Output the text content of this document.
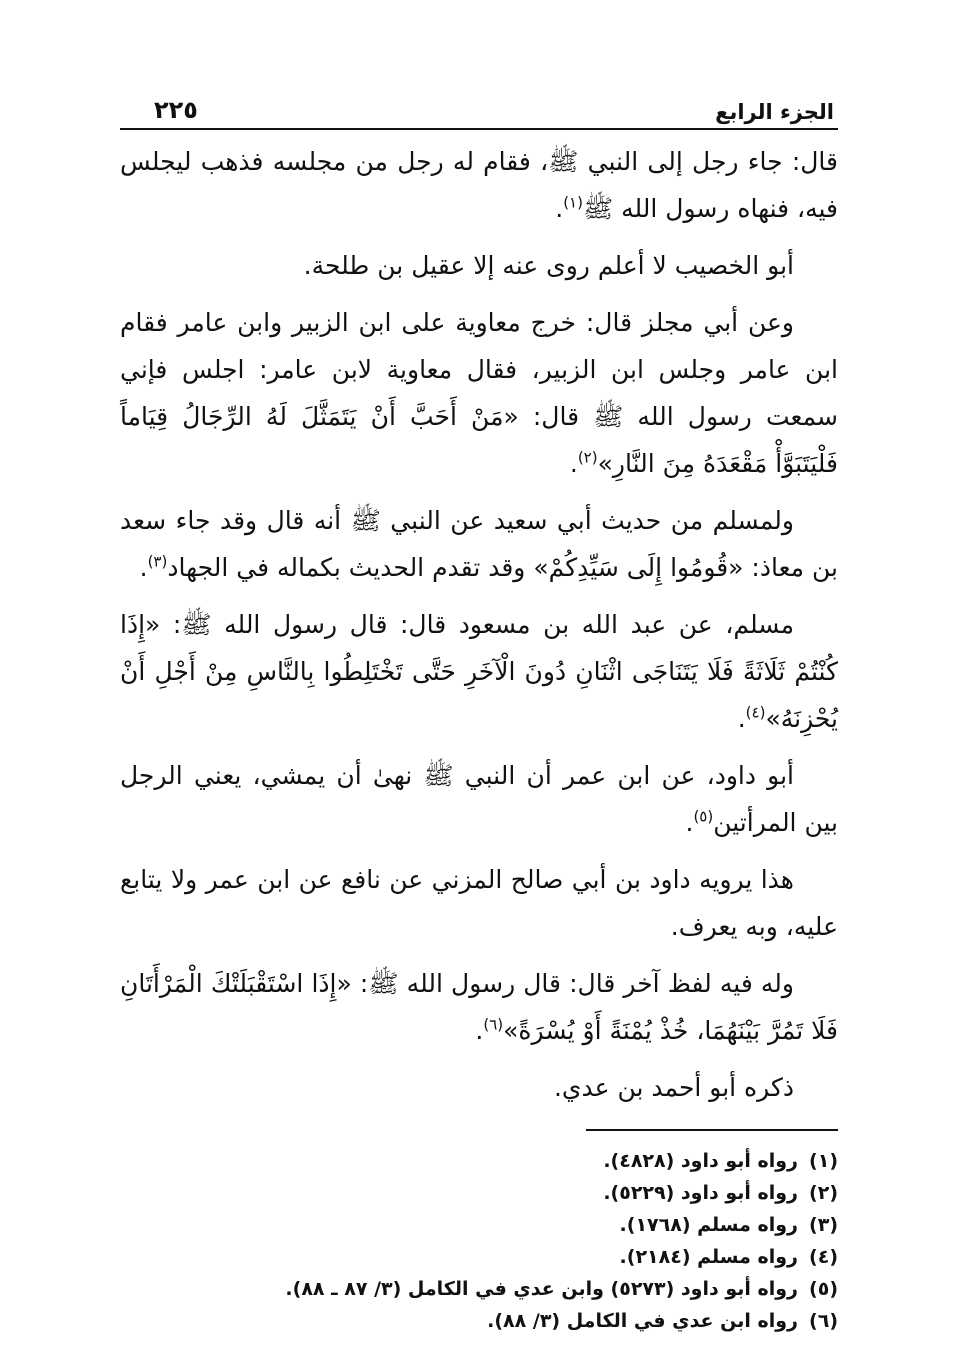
الجزء الرابع
٢٢٥

قال: جاء رجل إلى النبي ﷺ، فقام له رجل من مجلسه فذهب ليجلس فيه، فنهاه رسول الله ﷺ$^{(١)}$.

أبو الخصيب لا أعلم روى عنه إلا عقيل بن طلحة.

وعن أبي مجلز قال: خرج معاوية على ابن الزبير وابن عامر فقام ابن عامر وجلس ابن الزبير، فقال معاوية لابن عامر: اجلس فإني سمعت رسول الله ﷺ قال: «مَنْ أَحَبَّ أَنْ يَتَمَثَّلَ لَهُ الرِّجَالُ قِيَاماً فَلْيَتَبَوَّأْ مَقْعَدَهُ مِنَ النَّارِ»$^{(٢)}$.

ولمسلم من حديث أبي سعيد عن النبي ﷺ أنه قال وقد جاء سعد بن معاذ: «قُومُوا إِلَى سَيِّدِكُمْ» وقد تقدم الحديث بكماله في الجهاد$^{(٣)}$.

مسلم، عن عبد الله بن مسعود قال: قال رسول الله ﷺ: «إِذَا كُنْتُمْ ثَلَاثَةً فَلَا يَتَنَاجَى اثْنَانِ دُونَ الْآخَرِ حَتَّى تَخْتَلِطُوا بِالنَّاسِ مِنْ أَجْلِ أَنْ يُحْزِنَهُ»$^{(٤)}$.

أبو داود، عن ابن عمر أن النبي ﷺ نهىٰ أن يمشي، يعني الرجل بين المرأتين$^{(٥)}$.

هذا يرويه داود بن أبي صالح المزني عن نافع عن ابن عمر ولا يتابع عليه، وبه يعرف.

وله فيه لفظ آخر قال: قال رسول الله ﷺ: «إِذَا اسْتَقْبَلَتْكَ الْمَرْأَتَانِ فَلَا تَمُرَّ بَيْنَهُمَا، خُذْ يُمْنَةً أَوْ يُسْرَةً»$^{(٦)}$.

ذكره أبو أحمد بن عدي.

(١)
رواه أبو داود (٤٨٢٨).
(٢)
رواه أبو داود (٥٢٢٩).
(٣)
رواه مسلم (١٧٦٨).
(٤)
رواه مسلم (٢١٨٤).
(٥)
رواه أبو داود (٥٢٧٣) وابن عدي في الكامل (٣/ ٨٧ ـ ٨٨).
(٦)
رواه ابن عدي في الكامل (٣/ ٨٨).
